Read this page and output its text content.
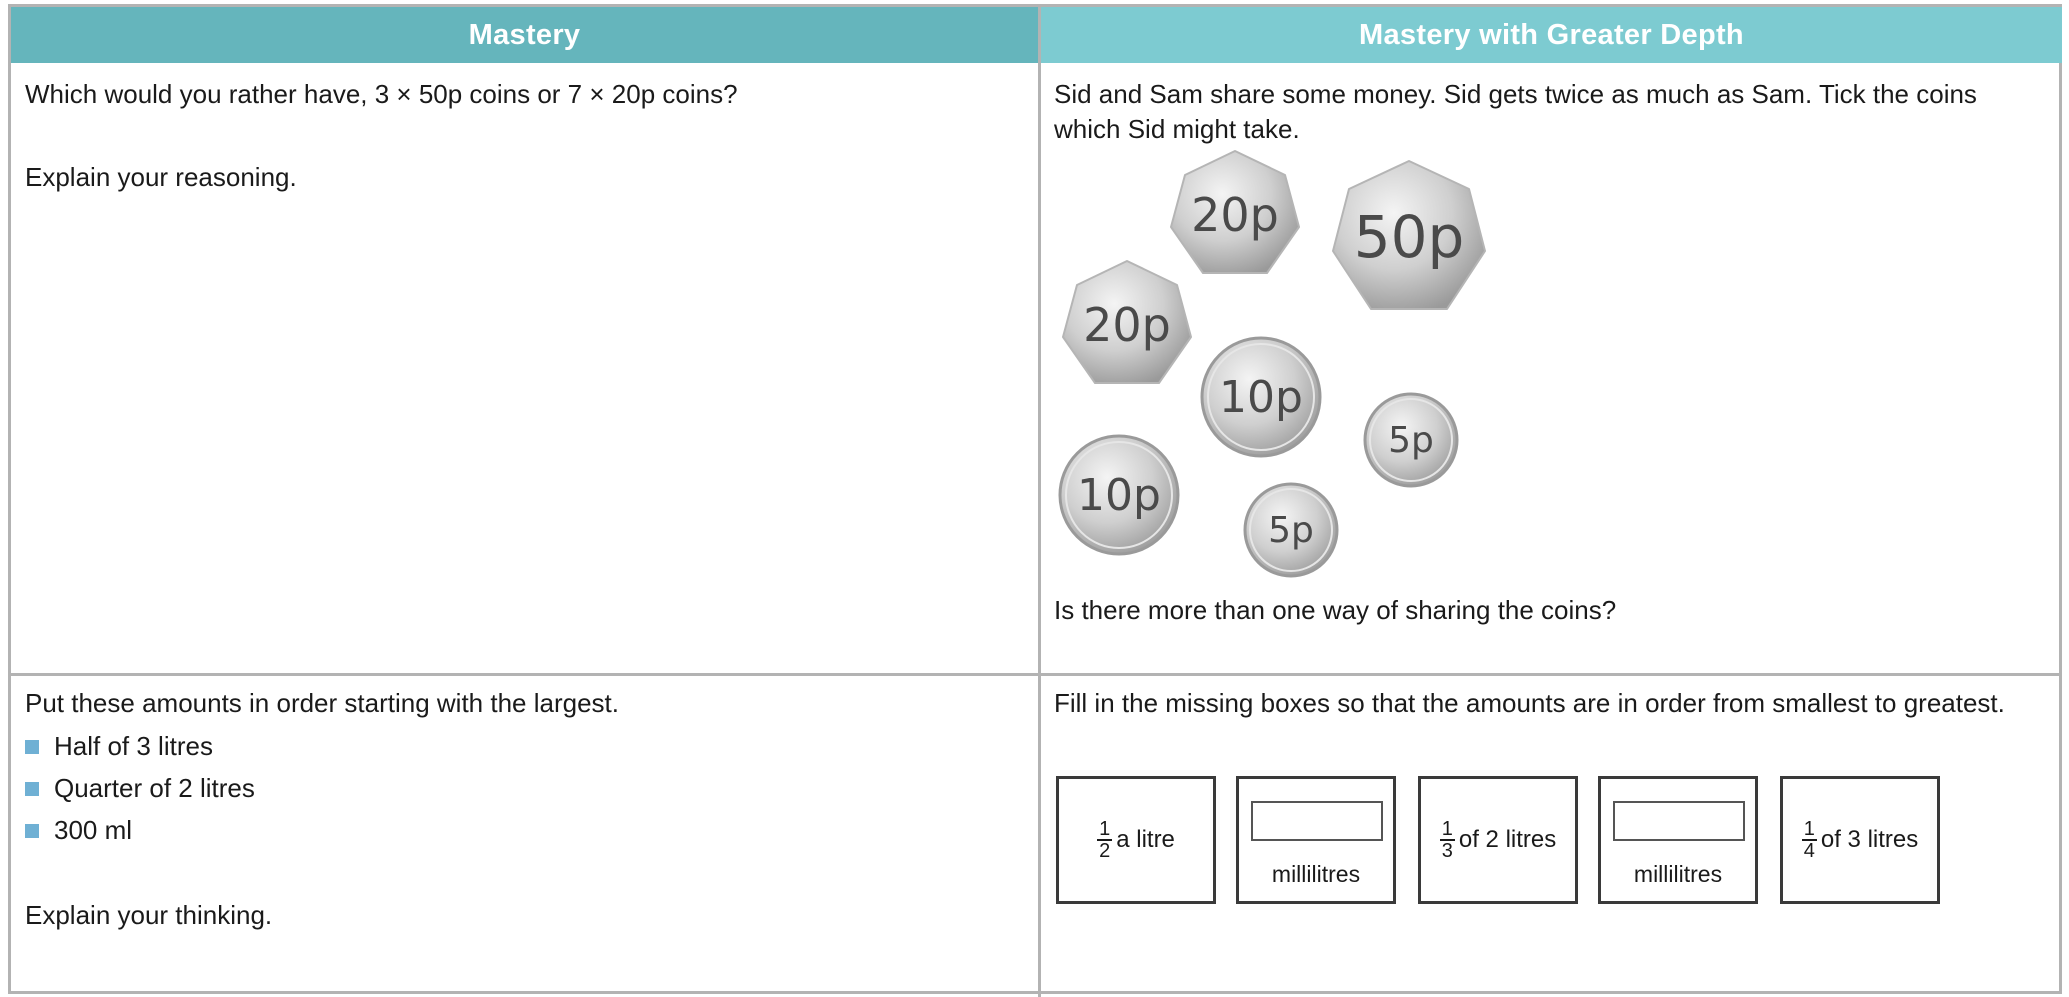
Mastery	Mastery with Greater Depth
Which would you rather have, 3 × 50p coins or 7 × 20p coins?
Explain your reasoning.
Sid and Sam share some money. Sid gets twice as much as Sam. Tick the coins which Sid might take.
20p 50p
20p
10p
5p
10p
5p
Is there more than one way of sharing the coins?
Put these amounts in order starting with the largest.
Half of 3 litres
Quarter of 2 litres
300 ml
Explain your thinking.
Fill in the missing boxes so that the amounts are in order from smallest to greatest.
$\frac{1}{2}$ a litre
millilitres
$\frac{1}{3}$ of 2 litres
millilitres
$\frac{1}{4}$ of 3 litres
